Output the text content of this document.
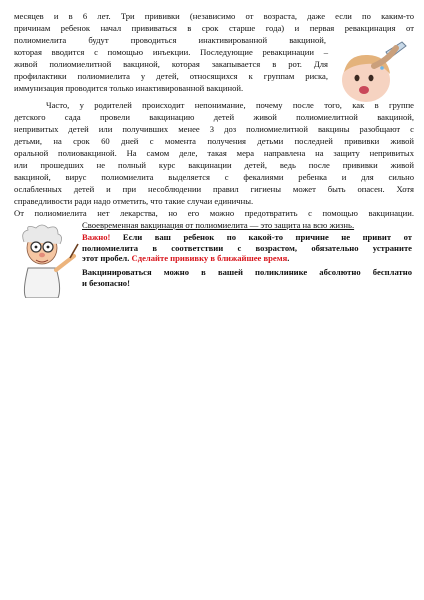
месяцев и в 6 лет. Три прививки (независимо от возраста, даже если по каким-то
причинам ребенок начал прививаться в срок старше года) и первая ревакцинация от
полиомиелита будут проводиться инактивированной вакциной,
которая вводится с помощью инъекции. Последующие ревакцинации –
живой полиомиелитной вакциной, которая закапывается в рот. Для
профилактики полиомиелита у детей, относящихся к группам риска,
иммунизация проводится только инактивированной вакциной.
Часто, у родителей происходит непонимание, почему после того, как в группе
детского сада провели вакцинацию детей живой полиомиелитной вакциной,
непривитых детей или получивших менее 3 доз полиомиелитной вакцины разобщают с
детьми, на срок 60 дней с момента получения детьми последней прививки живой
оральной полиовакциной. На самом деле, такая мера направлена на защиту непривитых
или прошедших не полный курс вакцинации детей, ведь после прививки живой
вакциной, вирус полиомиелита выделяется с фекалиями ребенка и для сильно
ослабленных детей и при несоблюдении правил гигиены может быть опасен. Хотя
справедливости ради надо отметить, что такие случаи единичны.
От полиомиелита нет лекарства, но его можно предотвратить с помощью вакцинации.
Своевременная вакцинация от полиомиелита — это защита на всю жизнь.
Важно! Если ваш ребенок по какой-то причине не привит от
полиомиелита в соответствии с возрастом, обязательно устраните
этот пробел. Сделайте прививку в ближайшее время.
Вакцинироваться можно в вашей поликлинике абсолютно бесплатно
и безопасно!
